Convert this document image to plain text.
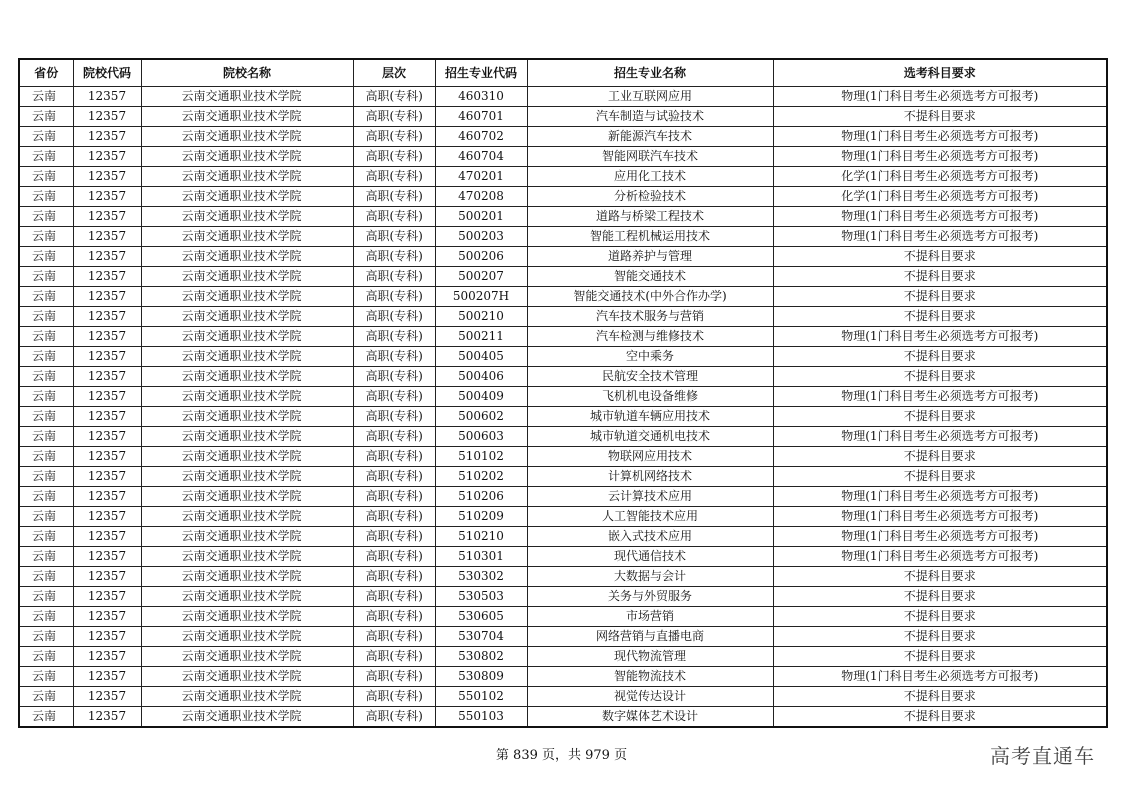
省份	院校代码	院校名称	层次	招生专业代码	招生专业名称	选考科目要求
云南	12357	云南交通职业技术学院	高职(专科)	460310	工业互联网应用	物理(1门科目考生必须选考方可报考)
云南	12357	云南交通职业技术学院	高职(专科)	460701	汽车制造与试验技术	不提科目要求
云南	12357	云南交通职业技术学院	高职(专科)	460702	新能源汽车技术	物理(1门科目考生必须选考方可报考)
云南	12357	云南交通职业技术学院	高职(专科)	460704	智能网联汽车技术	物理(1门科目考生必须选考方可报考)
云南	12357	云南交通职业技术学院	高职(专科)	470201	应用化工技术	化学(1门科目考生必须选考方可报考)
云南	12357	云南交通职业技术学院	高职(专科)	470208	分析检验技术	化学(1门科目考生必须选考方可报考)
云南	12357	云南交通职业技术学院	高职(专科)	500201	道路与桥梁工程技术	物理(1门科目考生必须选考方可报考)
云南	12357	云南交通职业技术学院	高职(专科)	500203	智能工程机械运用技术	物理(1门科目考生必须选考方可报考)
云南	12357	云南交通职业技术学院	高职(专科)	500206	道路养护与管理	不提科目要求
云南	12357	云南交通职业技术学院	高职(专科)	500207	智能交通技术	不提科目要求
云南	12357	云南交通职业技术学院	高职(专科)	500207H	智能交通技术(中外合作办学)	不提科目要求
云南	12357	云南交通职业技术学院	高职(专科)	500210	汽车技术服务与营销	不提科目要求
云南	12357	云南交通职业技术学院	高职(专科)	500211	汽车检测与维修技术	物理(1门科目考生必须选考方可报考)
云南	12357	云南交通职业技术学院	高职(专科)	500405	空中乘务	不提科目要求
云南	12357	云南交通职业技术学院	高职(专科)	500406	民航安全技术管理	不提科目要求
云南	12357	云南交通职业技术学院	高职(专科)	500409	飞机机电设备维修	物理(1门科目考生必须选考方可报考)
云南	12357	云南交通职业技术学院	高职(专科)	500602	城市轨道车辆应用技术	不提科目要求
云南	12357	云南交通职业技术学院	高职(专科)	500603	城市轨道交通机电技术	物理(1门科目考生必须选考方可报考)
云南	12357	云南交通职业技术学院	高职(专科)	510102	物联网应用技术	不提科目要求
云南	12357	云南交通职业技术学院	高职(专科)	510202	计算机网络技术	不提科目要求
云南	12357	云南交通职业技术学院	高职(专科)	510206	云计算技术应用	物理(1门科目考生必须选考方可报考)
云南	12357	云南交通职业技术学院	高职(专科)	510209	人工智能技术应用	物理(1门科目考生必须选考方可报考)
云南	12357	云南交通职业技术学院	高职(专科)	510210	嵌入式技术应用	物理(1门科目考生必须选考方可报考)
云南	12357	云南交通职业技术学院	高职(专科)	510301	现代通信技术	物理(1门科目考生必须选考方可报考)
云南	12357	云南交通职业技术学院	高职(专科)	530302	大数据与会计	不提科目要求
云南	12357	云南交通职业技术学院	高职(专科)	530503	关务与外贸服务	不提科目要求
云南	12357	云南交通职业技术学院	高职(专科)	530605	市场营销	不提科目要求
云南	12357	云南交通职业技术学院	高职(专科)	530704	网络营销与直播电商	不提科目要求
云南	12357	云南交通职业技术学院	高职(专科)	530802	现代物流管理	不提科目要求
云南	12357	云南交通职业技术学院	高职(专科)	530809	智能物流技术	物理(1门科目考生必须选考方可报考)
云南	12357	云南交通职业技术学院	高职(专科)	550102	视觉传达设计	不提科目要求
云南	12357	云南交通职业技术学院	高职(专科)	550103	数字媒体艺术设计	不提科目要求
第 839 页，共 979 页	高考直通车
